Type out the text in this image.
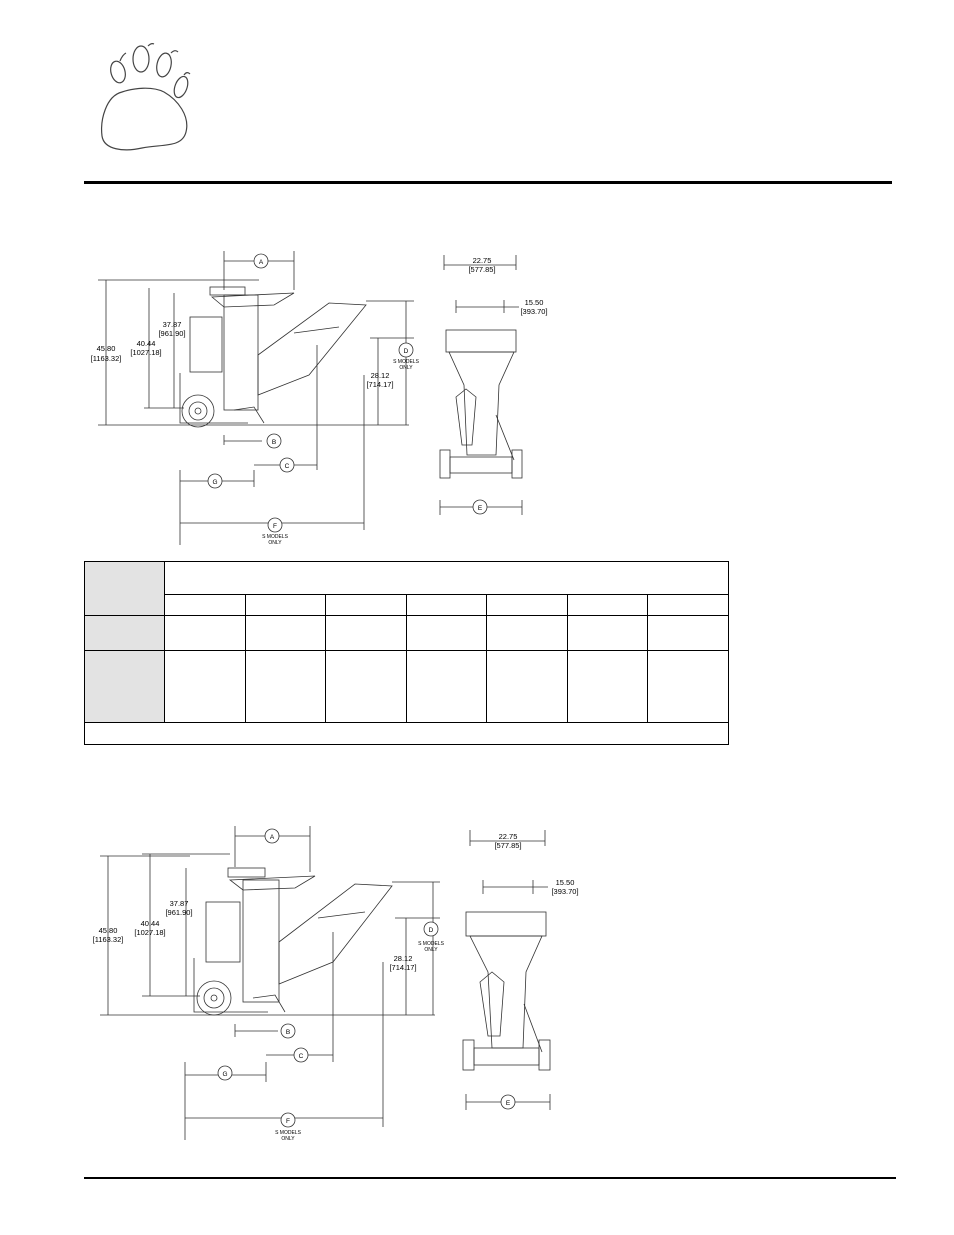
A
B
C
D
E
F
G
45.80
[1163.32]
40.44
[1027.18]
37.87
[961.90]
28.12
[714.17]
22.75
[577.85]
15.50
[393.70]
S MODELS
ONLY
S MODELS
ONLY

A
B
C
D
E
F
G
45.80
[1163.32]
40.44
[1027.18]
37.87
[961.90]
28.12
[714.17]
22.75
[577.85]
15.50
[393.70]
S MODELS
ONLY
S MODELS
ONLY
